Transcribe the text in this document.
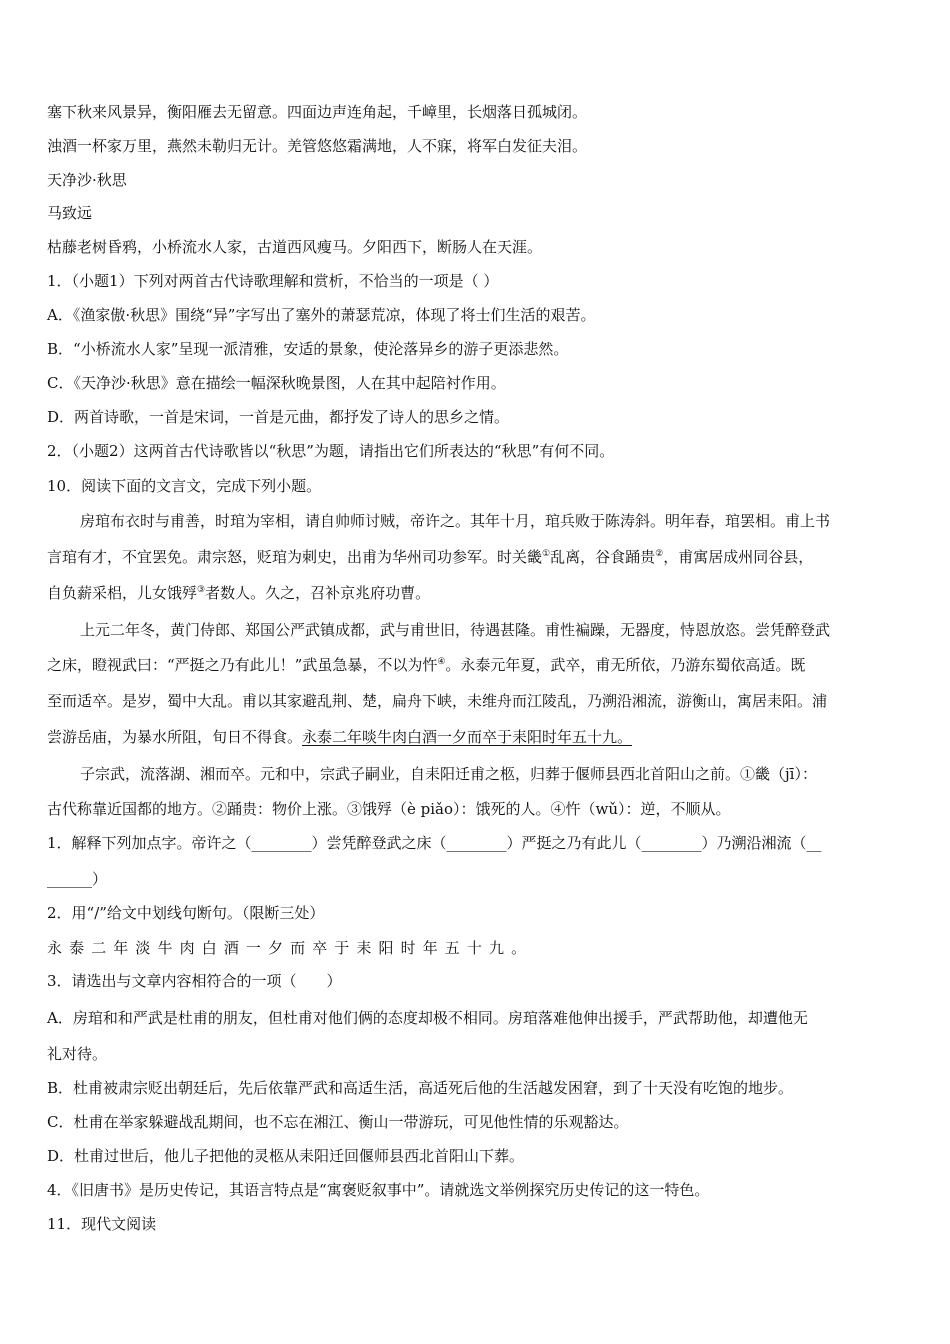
塞下秋来风景异，衡阳雁去无留意。四面边声连角起，千嶂里，长烟落日孤城闭。
浊酒一杯家万里，燕然未勒归无计。羌管悠悠霜满地，人不寐，将军白发征夫泪。
天净沙·秋思
马致远
枯藤老树昏鸦，小桥流水人家，古道西风瘦马。夕阳西下，断肠人在天涯。
1．（小题1）下列对两首古代诗歌理解和赏析，不恰当的一项是（ ）
A．《渔家傲·秋思》围绕“异”字写出了塞外的萧瑟荒凉，体现了将士们生活的艰苦。
B．“小桥流水人家”呈现一派清雅，安适的景象，使沦落异乡的游子更添悲然。
C．《天净沙·秋思》意在描绘一幅深秋晚景图，人在其中起陪衬作用。
D．两首诗歌，一首是宋词，一首是元曲，都抒发了诗人的思乡之情。
2．（小题2）这两首古代诗歌皆以“秋思”为题，请指出它们所表达的“秋思”有何不同。
10．阅读下面的文言文，完成下列小题。
房琯布衣时与甫善，时琯为宰相，请自帅师讨贼，帝许之。其年十月，琯兵败于陈涛斜。明年春，琯罢相。甫上书
言琯有才，不宜罢免。肃宗怒，贬琯为刺史，出甫为华州司功参军。时关畿①乱离，谷食踊贵②，甫寓居成州同谷县，
自负薪采梠，儿女饿殍③者数人。久之，召补京兆府功曹。
上元二年冬，黄门侍郎、郑国公严武镇成都，武与甫世旧，待遇甚隆。甫性褊躁，无器度，恃恩放恣。尝凭醉登武
之床，瞪视武曰：“严挺之乃有此儿！”武虽急暴，不以为忤④。永泰元年夏，武卒，甫无所依，乃游东蜀依高适。既
至而适卒。是岁，蜀中大乱。甫以其家避乱荆、楚，扁舟下峡，未维舟而江陵乱，乃溯沿湘流，游衡山，寓居耒阳。浦
尝游岳庙，为暴水所阻，旬日不得食。永泰二年啖牛肉白酒一夕而卒于耒阳时年五十九。
子宗武，流落湖、湘而卒。元和中，宗武子嗣业，自耒阳迁甫之柩，归葬于偃师县西北首阳山之前。①畿（jī）：
古代称靠近国都的地方。②踊贵：物价上涨。③饿殍（è piǎo）：饿死的人。④忤（wǔ）：逆，不顺从。
1．解释下列加点字。帝许之（________）尝凭醉登武之床（________）严挺之乃有此儿（________）乃溯沿湘流（__
______）
2．用“/”给文中划线句断句。（限断三处）
永泰二年淡牛肉白酒一夕而卒于耒阳时年五十九。
3．请选出与文章内容相符合的一项（　　）
A．房琯和和严武是杜甫的朋友，但杜甫对他们俩的态度却极不相同。房琯落难他伸出援手，严武帮助他，却遭他无
礼对待。
B．杜甫被肃宗贬出朝廷后，先后依靠严武和高适生活，高适死后他的生活越发困窘，到了十天没有吃饱的地步。
C．杜甫在举家躲避战乱期间，也不忘在湘江、衡山一带游玩，可见他性情的乐观豁达。
D．杜甫过世后，他儿子把他的灵柩从耒阳迁回偃师县西北首阳山下葬。
4．《旧唐书》是历史传记，其语言特点是“寓褒贬叙事中”。请就选文举例探究历史传记的这一特色。
11．现代文阅读
